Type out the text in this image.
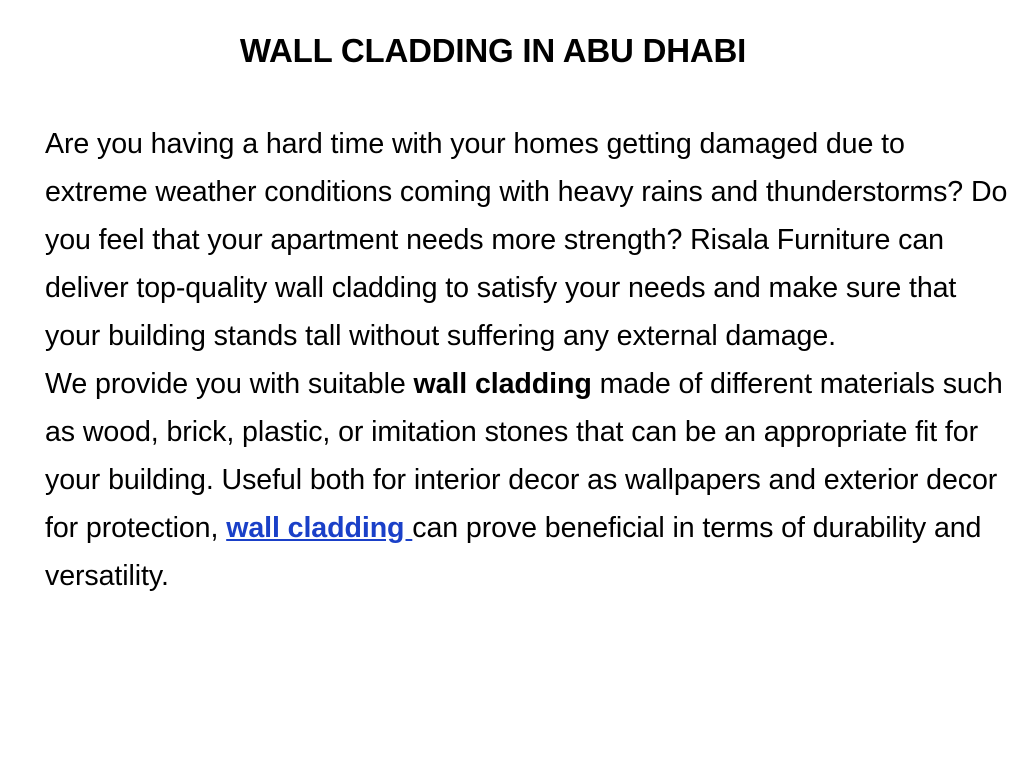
WALL CLADDING IN ABU DHABI

Are you having a hard time with your homes getting damaged due to extreme weather conditions coming with heavy rains and thunderstorms? Do you feel that your apartment needs more strength? Risala Furniture can deliver top-quality wall cladding to satisfy your needs and make sure that your building stands tall without suffering any external damage.

We provide you with suitable wall cladding made of different materials such as wood, brick, plastic, or imitation stones that can be an appropriate fit for your building. Useful both for interior decor as wallpapers and exterior decor for protection, wall cladding can prove beneficial in terms of durability and versatility.
